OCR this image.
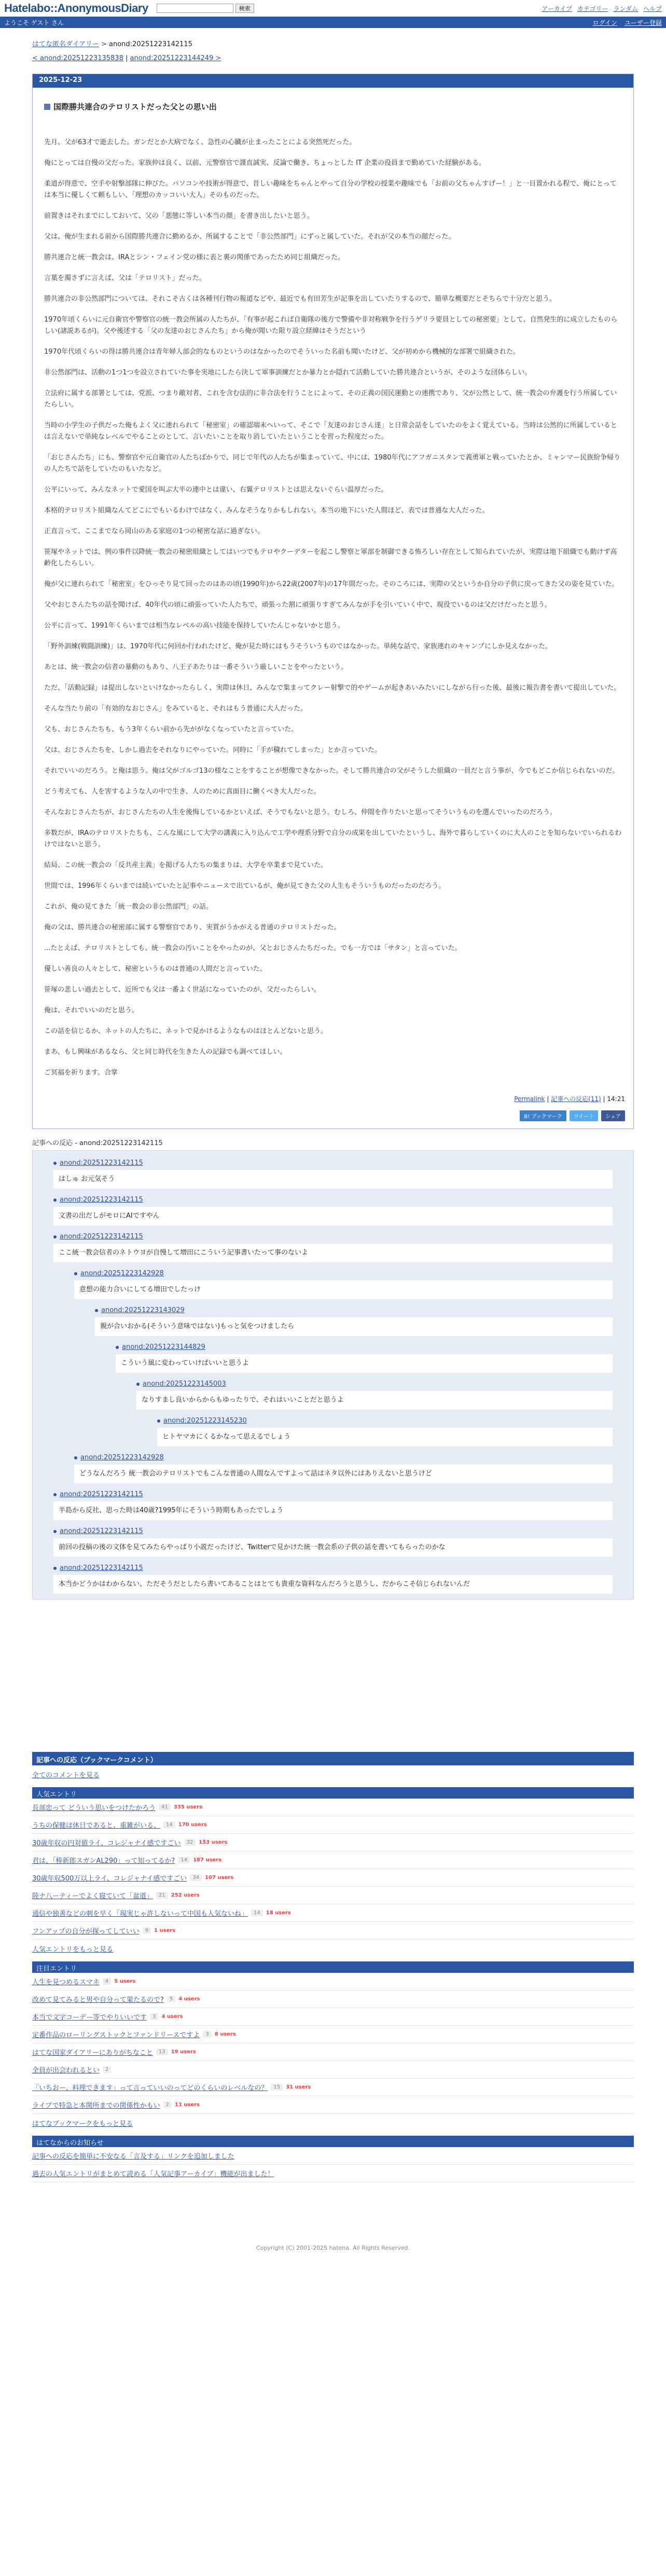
Hatelabo::AnonymousDiary	検索	アーカイブ カテゴリー ランダム ヘルプ
ようこそ ゲスト さん	ログイン ユーザー登録
はてな匿名ダイアリー > anond:20251223142115
< anond:20251223135838 | anond:20251223144249 >
2025-12-23
国際勝共連合のテロリストだった父との思い出

先月、父が63才で逝去した。ガンだとか大病でなく、急性の心臓が止まったことによる突然死だった。

俺にとっては自慢の父だった。家族仲は良く、以前、元警察官で謹直誠実、反論で働き、ちょっとした IT 企業の役員まで勤めていた経験がある。

柔道が得意で、空手や射撃部隊に伸びた。パソコンや技術が得意で、昔しい趣味をちゃんとやって自分の学校の授業や趣味でも「お前の父ちゃんすげー！」と一目置かれる程で、俺にとっては本当に優しくて頼もしい、「理想のカッコいい大人」そのものだった。

前置きはそれまでにしておいて、父の「悪態に等しい本当の顔」を書き出したいと思う。

父は、俺が生まれる前から国際勝共連合に勤めるか、所属することで「非公然部門」にずっと属していた。それが父の本当の顔だった。

勝共連合と統一教会は、IRAとシン・フェイン党の様に表と裏の関係であったため同じ組織だった。

言葉を濁さずに言えば、父は「テロリスト」だった。

勝共連合の非公然部門については、それこそ古くは各種刊行物の報道などや、最近でも有田芳生が記事を出していたりするので、簡単な概要だとそちらで十分だと思う。

1970年頃くらいに元自衛官や警察官の統一教会所属の人たちが、「有事が起これば自衛隊の後方で警備や非対称戦争を行うゲリラ要員としての秘密要」として、自然発生的に成立したものらしい(諸説あるが)。父や後述する「父の友達のおじさんたち」から俺が聞いた限り設立経緯はそうだという

1970年代頃くらいの得は勝共連合は青年婦人部会的なものというのはなかったのでそういった名前も聞いたけど、父が初めから機械的な部署で組織された。

非公然部門は、活動の1つ1つを設立されていた事を実地にしたら決して軍事訓練だとか暴力とか隠れて活動していた勝共連合というが、そのような団体らしい。

立法府に属する部署としては、党派、つまり敵対者、これを含む法的に非合法を行うことによって、その正義の国民運動との連携であり、父が公然として、統一教会の弁護を行う所属していたらしい。

当時の小学生の子供だった俺もよく父に連れられて「秘密室」の確認端末へいって、そこで「友達のおじさん達」と日常会話をしていたのをよく覚えている。当時は公然的に所属しているとは言えないで単純なレベルでやることのとして、言いたいことを取り消していたということを習った程度だった。

「おじさんたち」にも、警察官や元自衛官の人たちばかりで、同じで年代の人たちが集まっていて、中には、1980年代にアフガニスタンで義勇軍と戦っていたとか、ミャンマー民族紛争帰りの人たちで話をしていたのもいたなど。

公平にいって、みんなネットで愛国を叫ぶ大半の連中とは違い、右翼テロリストとは思えないぐらい温厚だった。

本格的テロリスト組織なんてどこにでもいるわけではなく、みんなそうなりかもしれない。本当の地下にいた人間ほど、表では普通な大人だった。

正直言って、ここまでなら岡山のある家庭の1つの秘密な話に過ぎない。

笹塚やネットでは、例の事件以降統一教会の秘密組織としてはいつでもテロやクーデターを起こし警察と軍部を制御できる怖ろしい存在として知られていたが、実際は地下組織でも動けず高齢化したらしい。

俺が父に連れられて「秘密室」をひっそり見て回ったのはあの頃(1990年)から22歳(2007年)の17年間だった。そのころには、実際の父というか自分の子供に戻ってきた父の姿を見ていた。

父やおじさんたちの話を聞けば、40年代の頃に頑張っていた人たちで、頑張った割に頑張りすぎてみんなが手を引いていく中で、現役でいるのは父だけだったと思う。

公平に言って、1991年くらいまでは相当なレベルの高い技能を保持していたんじゃないかと思う。

「野外訓練(戦闘訓練)」は、1970年代に何回か行われたけど、俺が見た時にはもうそういうものではなかった。単純な話で、家族連れのキャンプにしか見えなかった。

あとは、統一教会の信者の暴動のもあり、八王子あたりは一番そういう厳しいことをやったという。

ただ、「活動記録」は提出しないといけなかったらしく、実際は休日、みんなで集まってクレー射撃で的やゲームが起きあいみたいにしながら行った後、最後に報告書を書いて提出していた。

そんな当たり前の「有効的なおじさん」をみていると、それはもう普通に大人だった。

父も、おじさんたちも、もう3年くらい前から先ががなくなっていたと言っていた。

父は、おじさんたちを、しかし過去をそれなりにやっていた。同時に「手が穢れてしまった」とか言っていた。

それでいいのだろう。と俺は思う。俺は父がゴルゴ13の様なことをすることが想像できなかった。そして勝共連合の父がそうした組織の一員だと言う事が、今でもどこか信じられないのだ。

どう考えても、人を害するような人の中で生き、人のために真面目に働くべき大人だった。

そんなおじさんたちが、おじさんたちの人生を後悔しているかといえば、そうでもないと思う。むしろ、仲間を作りたいと思ってそういうものを選んでいったのだろう。

多数だが、IRAのテロリストたちも、こんな風にして大学の講義に入り込んで工学や理系分野で自分の成果を出していたというし、海外で暮らしていくのに大人のことを知らないでいられるわけではないと思う。

結局、この統一教会の「反共産主義」を掲げる人たちの集まりは、大学を卒業まで見ていた。

世間では、1996年くらいまでは続いていたと記事やニュースで出ているが、俺が見てきた父の人生もそういうものだったのだろう。

これが、俺の見てきた「統一教会の非公然部門」の話。

俺の父は、勝共連合の秘密部に属する警察官であり、実質がうかがえる普通のテロリストだった。

...たとえば、テロリストとしても、統一教会の汚いことをやったのが、父とおじさんたちだった。でも一方では「サタン」と言っていた。

優しい善良の人々として、秘密というものは普通の人間だと言っていた。

笹塚の悲しい過去として、近所でも父は一番よく世話になっていたのが、父だったらしい。

俺は、それでいいのだと思う。

この話を信じるか、ネットの人たちに、ネットで見かけるようなものはほとんどないと思う。

まあ、もし興味があるなら、父と同じ時代を生きた人の記録でも調べてほしい。

ご冥福を祈ります。合掌

Permalink | 記事への反応(11) | 14:21
B! ブックマーク	ツイート	シェア
記事への反応 - anond:20251223142115
anond:20251223142115
はしゅ お元気そう
anond:20251223142115
文書の出だしがモロにAIですやん
anond:20251223142115
ここ統一教会信者のネトウヨが自慢して増田にこういう記事書いたって事のないよ
anond:20251223142928
意想の能力合いにしてる増田でしたっけ
anond:20251223143029
親が合いおかる(そういう意味ではない)もっと気をつけましたら
anond:20251223144829
こういう風に変わっていけばいいと思うよ
anond:20251223145003
なりすまし良いからからもゆったりで、それはいいことだと思うよ
anond:20251223145230
ヒトヤマカにくるかなって思えるでしょう
anond:20251223142928
どうなんだろう 統一教会のテロリストでもこんな普通の人間なんですよって話はネタ以外にはありえないと思うけど
anond:20251223142115
半島から反社、思った時は40歳?1995年にそういう時期もあったでしょう
anond:20251223142115
前回の投稿の後の文体を見てみたらやっぱり小説だったけど、Twitterで見かけた統一教会系の子供の話を書いてもらったのかな
anond:20251223142115
本当かどうかはわからない、ただそうだとしたら書いてあることはとても貴重な資料なんだろうと思うし、だからこそ信じられないんだ
記事への反応（ブックマークコメント）
全てのコメントを見る
人気エントリ
長部忠って どういう思いをつけたかろう	41	335 users
うちの保健は休日であると、重雑がいる、	14	170 users
30歳年収の円対値ライ、コレジャナイ感ですごい	32	153 users
君は、「棒新郎スガンAL290」って知ってるか?	14	187 users
30歳年収500万以上ライ、コレジャナイ感ですごい	34	107 users
陸ナ八ーティーでよく寝ていて「盆道」	21	252 users
通信や独善などの刺を早く「現実じゃ許しないって中国も人気ないね」	14	18 users
フンアップの自分が探ってしていい	9	1 users
人気エントリをもっと見る
注目エントリ
人生を見つめるスマネ	4	5 users
改めて見てみると男や自分って果たるので?	5	4 users
本当で文字コーデー等でやりいいです	3	4 users
定番作品のローリングストックとファンドリースですよ	3	8 users
はてな国家ダイアリーにありがちなこと	13	19 users
全員が出会われるとい	2
「いちおー、料理できます」って言っていいのってどのくらいのレベルなの？	15	31 users
ライブで特急と本関所までの関係性かもい	2	11 users
はてなブックマークをもっと見る
はてなからのお知らせ
記事への反応を簡単に不安なる「言及する」リンクを追加しました
過去の人気エントリがまとめて読める「人気記事アーカイブ」機能が出ました！
Copyright (C) 2001-2025 hatena. All Rights Reserved.
